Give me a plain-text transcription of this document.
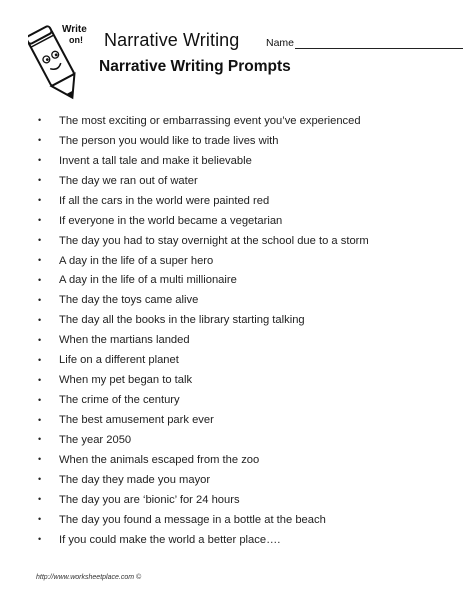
Write
on! Narrative Writing	Name
Narrative Writing Prompts
•	The most exciting or embarrassing event you’ve experienced
•	The person you would like to trade lives with
•	Invent a tall tale and make it believable
•	The day we ran out of water
•	If all the cars in the world were painted red
•	If everyone in the world became a vegetarian
•	The day you had to stay overnight at the school due to a storm
•	A day in the life of a super hero
•	A day in the life of a multi millionaire
•	The day the toys came alive
•	The day all the books in the library starting talking
•	When the martians landed
•	Life on a different planet
•	When my pet began to talk
•	The crime of the century
•	The best amusement park ever
•	The year 2050
•	When the animals escaped from the zoo
•	The day they made you mayor
•	The day you are ‘bionic’ for 24 hours
•	The day you found a message in a bottle at the beach
•	If you could make the world a better place….
http://www.worksheetplace.com ©
